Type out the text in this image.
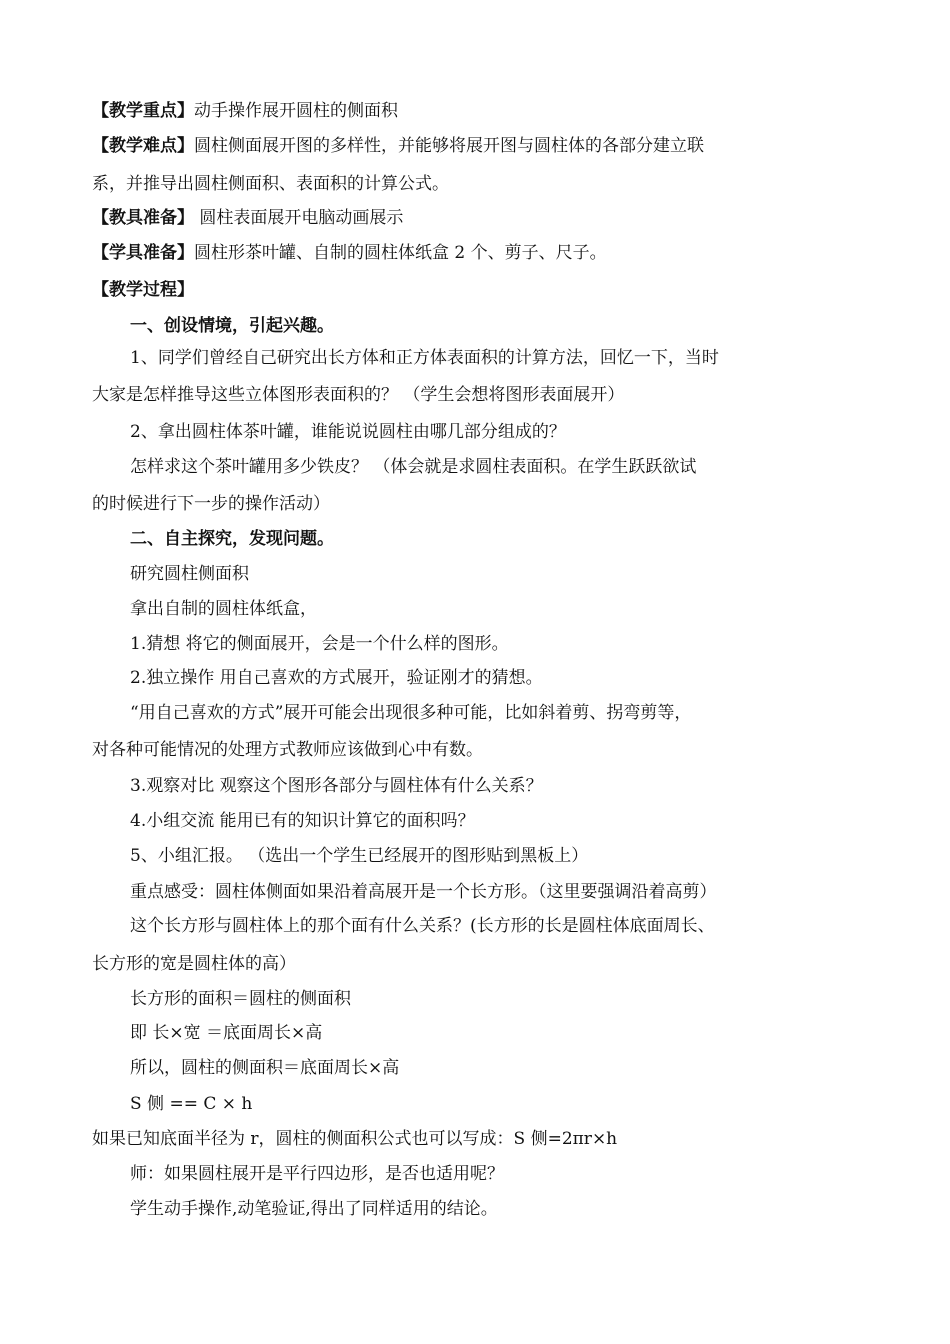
【教学重点】动手操作展开圆柱的侧面积
【教学难点】圆柱侧面展开图的多样性，并能够将展开图与圆柱体的各部分建立联
系，并推导出圆柱侧面积、表面积的计算公式。
【教具准备】 圆柱表面展开电脑动画展示
【学具准备】圆柱形茶叶罐、自制的圆柱体纸盒 2 个、剪子、尺子。
【教学过程】
一、创设情境，引起兴趣。
1、同学们曾经自己研究出长方体和正方体表面积的计算方法，回忆一下，当时
大家是怎样推导这些立体图形表面积的？ （学生会想将图形表面展开）
2、拿出圆柱体茶叶罐，谁能说说圆柱由哪几部分组成的？
怎样求这个茶叶罐用多少铁皮？ （体会就是求圆柱表面积。在学生跃跃欲试
的时候进行下一步的操作活动）
二、自主探究，发现问题。
研究圆柱侧面积
拿出自制的圆柱体纸盒，
1.猜想 将它的侧面展开，会是一个什么样的图形。
2.独立操作 用自己喜欢的方式展开，验证刚才的猜想。
“用自己喜欢的方式”展开可能会出现很多种可能，比如斜着剪、拐弯剪等，
对各种可能情况的处理方式教师应该做到心中有数。
3.观察对比 观察这个图形各部分与圆柱体有什么关系？
4.小组交流 能用已有的知识计算它的面积吗？
5、小组汇报。 （选出一个学生已经展开的图形贴到黑板上）
重点感受：圆柱体侧面如果沿着高展开是一个长方形。（这里要强调沿着高剪）
这个长方形与圆柱体上的那个面有什么关系？(长方形的长是圆柱体底面周长、
长方形的宽是圆柱体的高）
长方形的面积＝圆柱的侧面积
即 长×宽 ＝底面周长×高
所以，圆柱的侧面积＝底面周长×高
S 侧 == C × h
如果已知底面半径为 r，圆柱的侧面积公式也可以写成：S 侧=2πr×h
师：如果圆柱展开是平行四边形，是否也适用呢？
学生动手操作,动笔验证,得出了同样适用的结论。
